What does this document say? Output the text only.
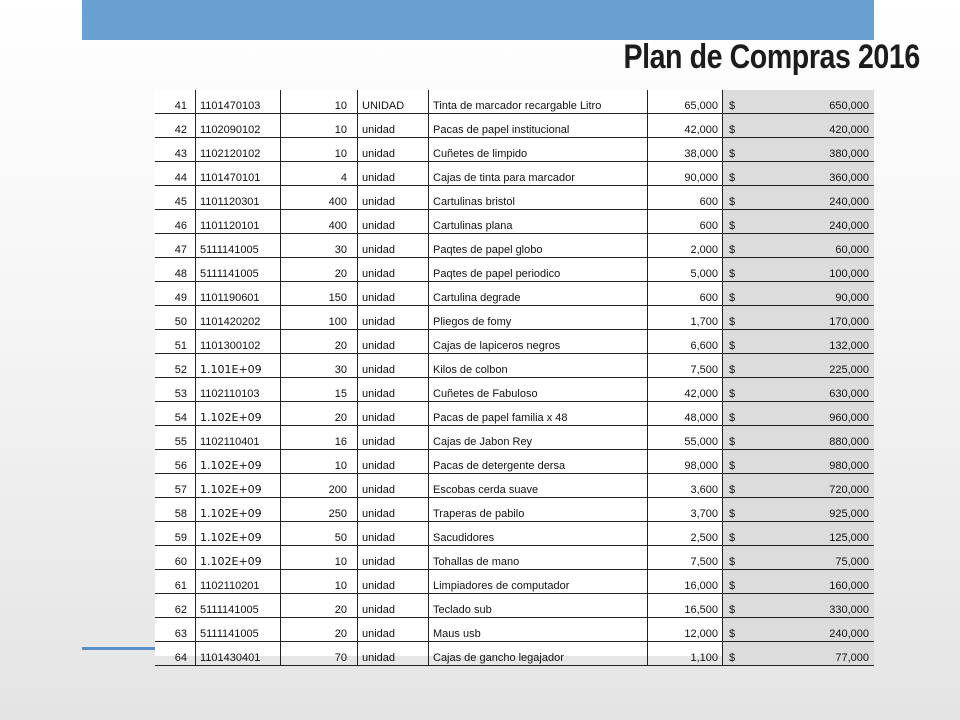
Plan de Compras 2016
41	1101470103	10	UNIDAD	Tinta de marcador recargable Litro	65,000	$	650,000
42	1102090102	10	unidad	Pacas de papel institucional	42,000	$	420,000
43	1102120102	10	unidad	Cuñetes de limpido	38,000	$	380,000
44	1101470101	4	unidad	Cajas de tinta para marcador	90,000	$	360,000
45	1101120301	400	unidad	Cartulinas bristol	600	$	240,000
46	1101120101	400	unidad	Cartulinas plana	600	$	240,000
47	5111141005	30	unidad	Paqtes de papel globo	2,000	$	60,000
48	5111141005	20	unidad	Paqtes de papel periodico	5,000	$	100,000
49	1101190601	150	unidad	Cartulina degrade	600	$	90,000
50	1101420202	100	unidad	Pliegos de fomy	1,700	$	170,000
51	1101300102	20	unidad	Cajas de lapiceros negros	6,600	$	132,000
52	1.101E+09	30	unidad	Kilos de colbon	7,500	$	225,000
53	1102110103	15	unidad	Cuñetes de Fabuloso	42,000	$	630,000
54	1.102E+09	20	unidad	Pacas de papel familia x 48	48,000	$	960,000
55	1102110401	16	unidad	Cajas de Jabon Rey	55,000	$	880,000
56	1.102E+09	10	unidad	Pacas de detergente dersa	98,000	$	980,000
57	1.102E+09	200	unidad	Escobas cerda suave	3,600	$	720,000
58	1.102E+09	250	unidad	Traperas de pabilo	3,700	$	925,000
59	1.102E+09	50	unidad	Sacudidores	2,500	$	125,000
60	1.102E+09	10	unidad	Tohallas de mano	7,500	$	75,000
61	1102110201	10	unidad	Limpiadores de computador	16,000	$	160,000
62	5111141005	20	unidad	Teclado sub	16,500	$	330,000
63	5111141005	20	unidad	Maus usb	12,000	$	240,000
64	1101430401	70	unidad	Cajas de gancho legajador	1,100	$	77,000
